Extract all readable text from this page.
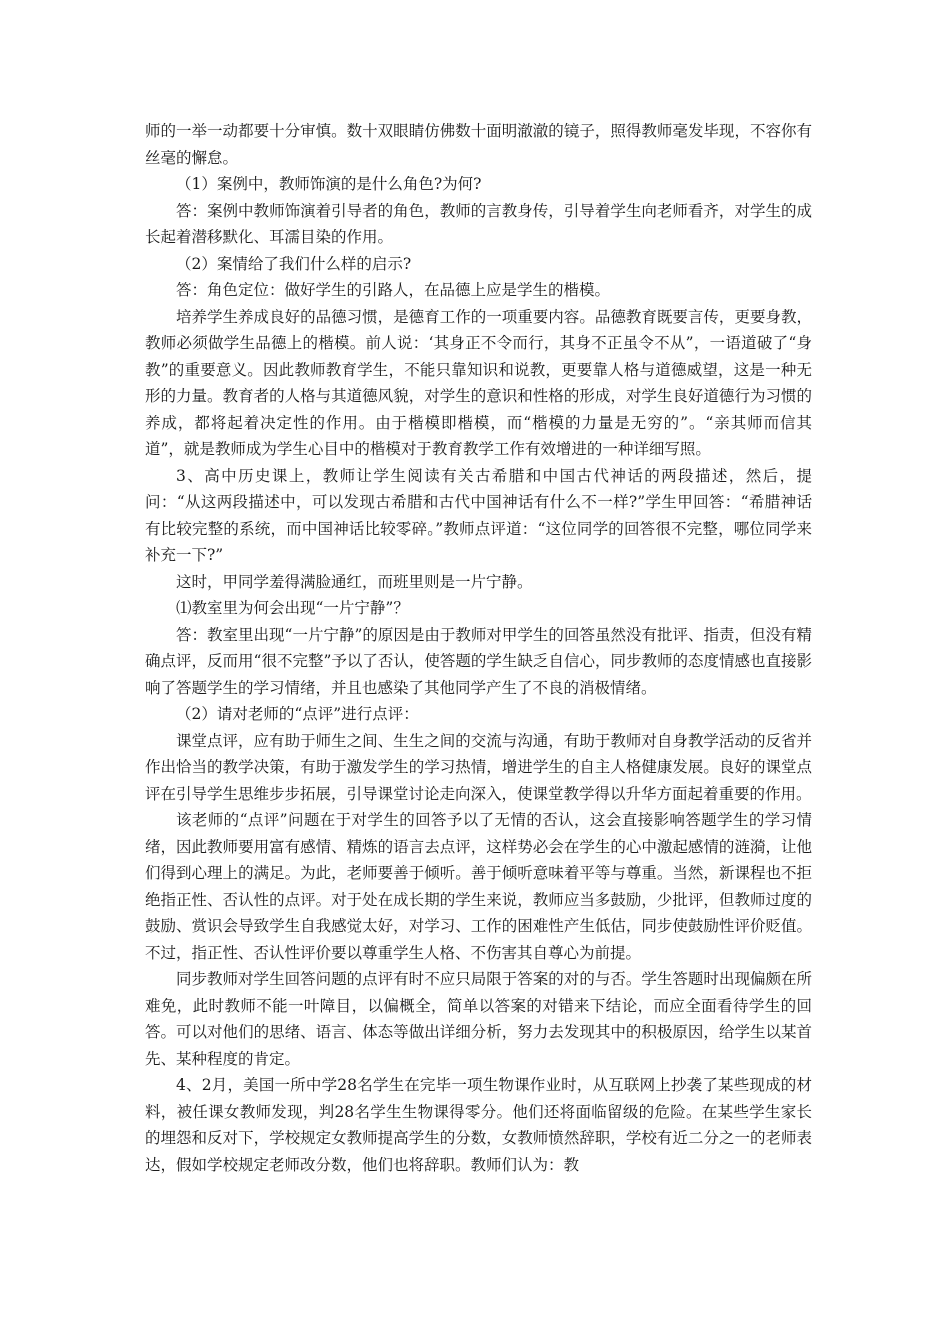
师的一举一动都要十分审慎。数十双眼睛仿佛数十面明澈澈的镜子，照得教师毫发毕现，不容你有丝毫的懈怠。

（1）案例中，教师饰演的是什么角色?为何?

答：案例中教师饰演着引导者的角色，教师的言教身传，引导着学生向老师看齐，对学生的成长起着潜移默化、耳濡目染的作用。

（2）案情给了我们什么样的启示?

答：角色定位：做好学生的引路人，在品德上应是学生的楷模。

培养学生养成良好的品德习惯，是德育工作的一项重要内容。品德教育既要言传，更要身教，教师必须做学生品德上的楷模。前人说：‘其身正不令而行，其身不正虽令不从”，一语道破了“身教”的重要意义。因此教师教育学生，不能只靠知识和说教，更要靠人格与道德威望，这是一种无形的力量。教育者的人格与其道德风貌，对学生的意识和性格的形成，对学生良好道德行为习惯的养成，都将起着决定性的作用。由于楷模即楷模，而“楷模的力量是无穷的”。“亲其师而信其道”，就是教师成为学生心目中的楷模对于教育教学工作有效增进的一种详细写照。

3、高中历史课上，教师让学生阅读有关古希腊和中国古代神话的两段描述，然后，提问：“从这两段描述中，可以发现古希腊和古代中国神话有什么不一样?”学生甲回答：“希腊神话有比较完整的系统，而中国神话比较零碎。”教师点评道：“这位同学的回答很不完整，哪位同学来补充一下?”

这时，甲同学羞得满脸通红，而班里则是一片宁静。

⑴教室里为何会出现“一片宁静”？

答：教室里出现“一片宁静”的原因是由于教师对甲学生的回答虽然没有批评、指责，但没有精确点评，反而用“很不完整”予以了否认，使答题的学生缺乏自信心，同步教师的态度情感也直接影响了答题学生的学习情绪，并且也感染了其他同学产生了不良的消极情绪。

（2）请对老师的“点评”进行点评：

课堂点评，应有助于师生之间、生生之间的交流与沟通，有助于教师对自身教学活动的反省并作出恰当的教学决策，有助于激发学生的学习热情，增进学生的自主人格健康发展。良好的课堂点评在引导学生思维步步拓展，引导课堂讨论走向深入，使课堂教学得以升华方面起着重要的作用。

该老师的“点评”问题在于对学生的回答予以了无情的否认，这会直接影响答题学生的学习情绪，因此教师要用富有感情、精炼的语言去点评，这样势必会在学生的心中激起感情的涟漪，让他们得到心理上的满足。为此，老师要善于倾听。善于倾听意味着平等与尊重。当然，新课程也不拒绝指正性、否认性的点评。对于处在成长期的学生来说，教师应当多鼓励，少批评，但教师过度的鼓励、赏识会导致学生自我感觉太好，对学习、工作的困难性产生低估，同步使鼓励性评价贬值。不过，指正性、否认性评价要以尊重学生人格、不伤害其自尊心为前提。

同步教师对学生回答问题的点评有时不应只局限于答案的对的与否。学生答题时出现偏颇在所难免，此时教师不能一叶障目，以偏概全，简单以答案的对错来下结论，而应全面看待学生的回答。可以对他们的思绪、语言、体态等做出详细分析，努力去发现其中的积极原因，给学生以某首先、某种程度的肯定。

4、2月，美国一所中学28名学生在完毕一项生物课作业时，从互联网上抄袭了某些现成的材料，被任课女教师发现，判28名学生生物课得零分。他们还将面临留级的危险。在某些学生家长的埋怨和反对下，学校规定女教师提高学生的分数，女教师愤然辞职，学校有近二分之一的老师表达，假如学校规定老师改分数，他们也将辞职。教师们认为：教
